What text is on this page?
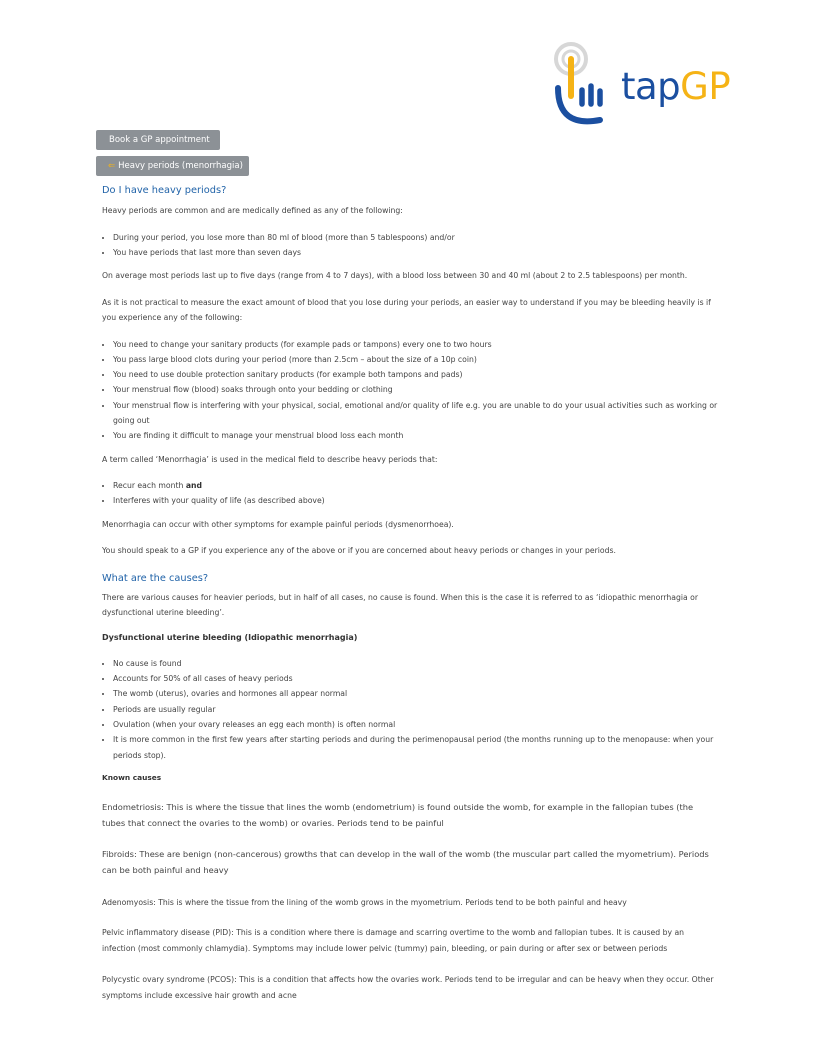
tapGP
Book a GP appointment
⇐ Heavy periods (menorrhagia)
Do I have heavy periods?

Heavy periods are common and are medically defined as any of the following:

• During your period, you lose more than 80 ml of blood (more than 5 tablespoons) and/or
• You have periods that last more than seven days

On average most periods last up to five days (range from 4 to 7 days), with a blood loss between 30 and 40 ml (about 2 to 2.5 tablespoons) per month.

As it is not practical to measure the exact amount of blood that you lose during your periods, an easier way to understand if you may be bleeding heavily is if you experience any of the following:

• You need to change your sanitary products (for example pads or tampons) every one to two hours
• You pass large blood clots during your period (more than 2.5cm – about the size of a 10p coin)
• You need to use double protection sanitary products (for example both tampons and pads)
• Your menstrual flow (blood) soaks through onto your bedding or clothing
• Your menstrual flow is interfering with your physical, social, emotional and/or quality of life e.g. you are unable to do your usual activities such as working or going out
• You are finding it difficult to manage your menstrual blood loss each month

A term called ‘Menorrhagia’ is used in the medical field to describe heavy periods that:

• Recur each month and
• Interferes with your quality of life (as described above)

Menorrhagia can occur with other symptoms for example painful periods (dysmenorrhoea).

You should speak to a GP if you experience any of the above or if you are concerned about heavy periods or changes in your periods.

What are the causes?

There are various causes for heavier periods, but in half of all cases, no cause is found. When this is the case it is referred to as ‘idiopathic menorrhagia or dysfunctional uterine bleeding’.

Dysfunctional uterine bleeding (Idiopathic menorrhagia)
• No cause is found
• Accounts for 50% of all cases of heavy periods
• The womb (uterus), ovaries and hormones all appear normal
• Periods are usually regular
• Ovulation (when your ovary releases an egg each month) is often normal
• It is more common in the first few years after starting periods and during the perimenopausal period (the months running up to the menopause: when your periods stop).
Known causes

Endometriosis: This is where the tissue that lines the womb (endometrium) is found outside the womb, for example in the fallopian tubes (the tubes that connect the ovaries to the womb) or ovaries. Periods tend to be painful

Fibroids: These are benign (non-cancerous) growths that can develop in the wall of the womb (the muscular part called the myometrium). Periods can be both painful and heavy

Adenomyosis: This is where the tissue from the lining of the womb grows in the myometrium. Periods tend to be both painful and heavy

Pelvic inflammatory disease (PID): This is a condition where there is damage and scarring overtime to the womb and fallopian tubes. It is caused by an infection (most commonly chlamydia). Symptoms may include lower pelvic (tummy) pain, bleeding, or pain during or after sex or between periods

Polycystic ovary syndrome (PCOS): This is a condition that affects how the ovaries work. Periods tend to be irregular and can be heavy when they occur. Other symptoms include excessive hair growth and acne
